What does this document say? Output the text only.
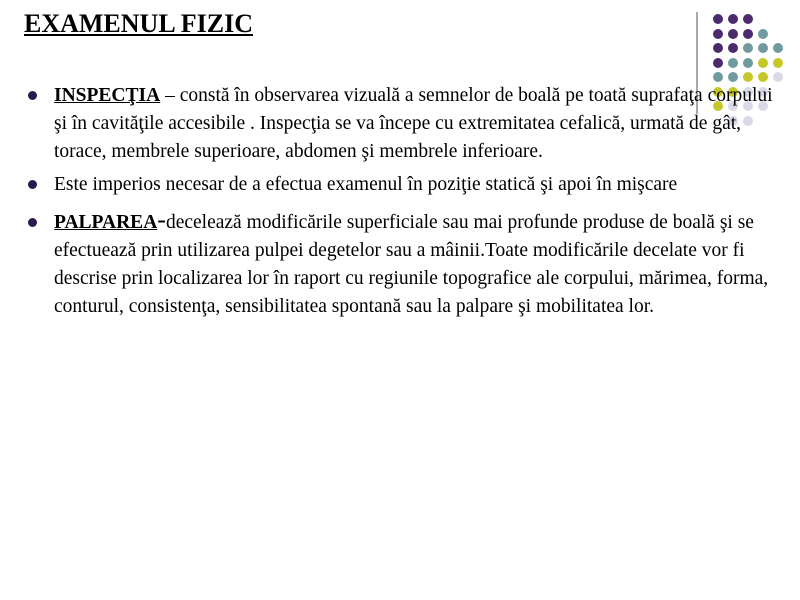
EXAMENUL FIZIC
INSPECŢIA – constă în observarea vizuală a semnelor de boală pe toată suprafaţa corpului şi în cavităţile accesibile . Inspecţia se va începe cu extremitatea cefalică, urmată de gât, torace, membrele superioare, abdomen şi membrele inferioare.
Este imperios necesar de a efectua examenul în poziţie statică şi apoi în mişcare
PALPAREA-decelează modificările superficiale sau mai profunde produse de boală şi se efectuează prin utilizarea pulpei degetelor sau a mâinii.Toate modificările decelate vor fi descrise prin localizarea lor în raport cu regiunile topografice ale corpului, mărimea, forma, conturul, consistenţa, sensibilitatea spontană sau la palpare şi mobilitatea lor.
